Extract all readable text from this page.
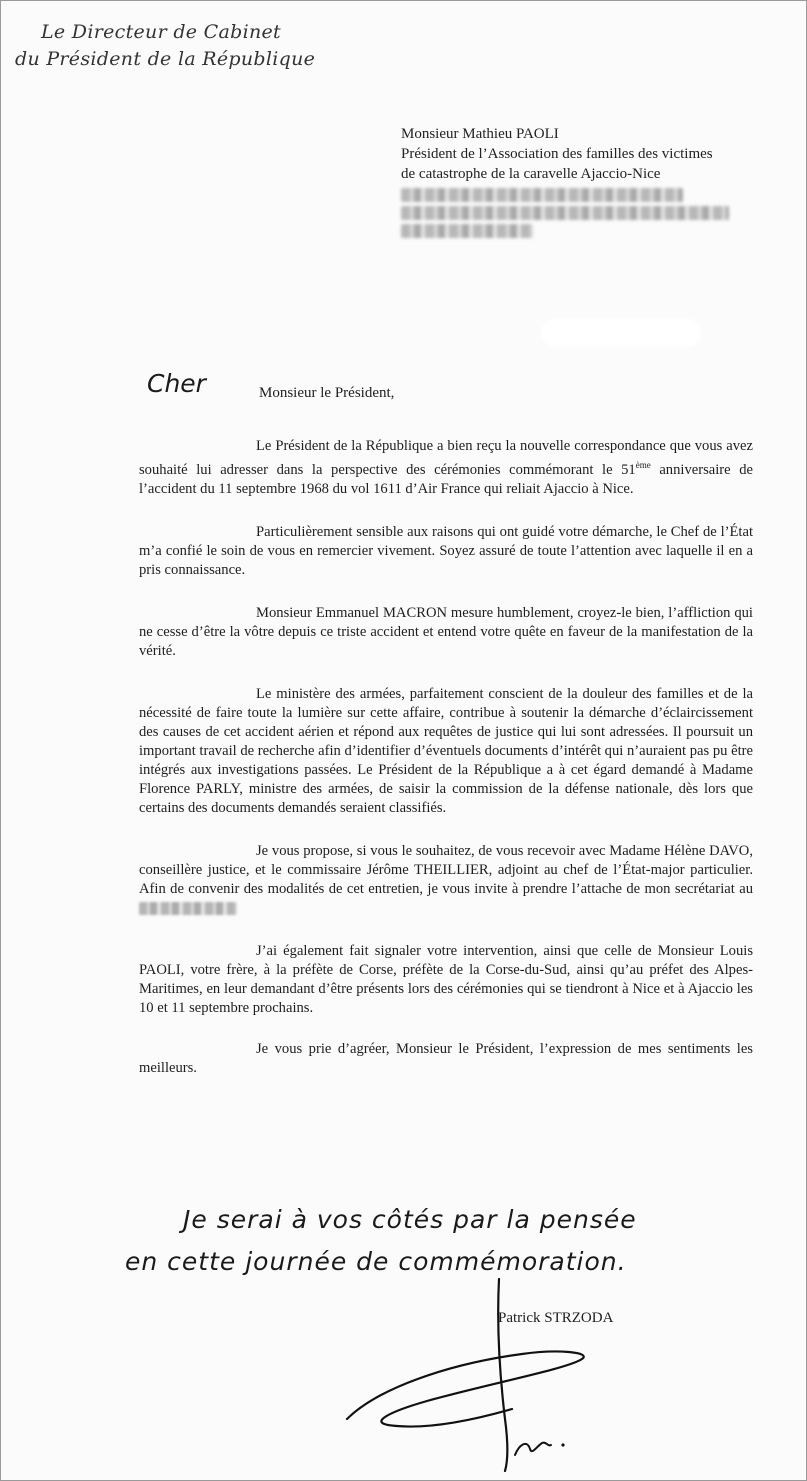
Le Directeur de Cabinet
du Président de la République
Monsieur Mathieu PAOLI
Président de l’Association des familles des victimes
de catastrophe de la caravelle Ajaccio-Nice
Cher	Monsieur le Président,

Le Président de la République a bien reçu la nouvelle correspondance que vous avez souhaité lui adresser dans la perspective des cérémonies commémorant le 51ème anniversaire de l’accident du 11 septembre 1968 du vol 1611 d’Air France qui reliait Ajaccio à Nice.

Particulièrement sensible aux raisons qui ont guidé votre démarche, le Chef de l’État m’a confié le soin de vous en remercier vivement. Soyez assuré de toute l’attention avec laquelle il en a pris connaissance.

Monsieur Emmanuel MACRON mesure humblement, croyez-le bien, l’affliction qui ne cesse d’être la vôtre depuis ce triste accident et entend votre quête en faveur de la manifestation de la vérité.

Le ministère des armées, parfaitement conscient de la douleur des familles et de la nécessité de faire toute la lumière sur cette affaire, contribue à soutenir la démarche d’éclaircissement des causes de cet accident aérien et répond aux requêtes de justice qui lui sont adressées. Il poursuit un important travail de recherche afin d’identifier d’éventuels documents d’intérêt qui n’auraient pas pu être intégrés aux investigations passées. Le Président de la République a à cet égard demandé à Madame Florence PARLY, ministre des armées, de saisir la commission de la défense nationale, dès lors que certains des documents demandés seraient classifiés.

Je vous propose, si vous le souhaitez, de vous recevoir avec Madame Hélène DAVO, conseillère justice, et le commissaire Jérôme THEILLIER, adjoint au chef de l’État-major particulier. Afin de convenir des modalités de cet entretien, je vous invite à prendre l’attache de mon secrétariat au

J’ai également fait signaler votre intervention, ainsi que celle de Monsieur Louis PAOLI, votre frère, à la préfète de Corse, préfète de la Corse-du-Sud, ainsi qu’au préfet des Alpes-Maritimes, en leur demandant d’être présents lors des cérémonies qui se tiendront à Nice et à Ajaccio les 10 et 11 septembre prochains.

Je vous prie d’agréer, Monsieur le Président, l’expression de mes sentiments les meilleurs.

Je serai à vos côtés par la pensée
en cette journée de commémoration.
Patrick STRZODA
